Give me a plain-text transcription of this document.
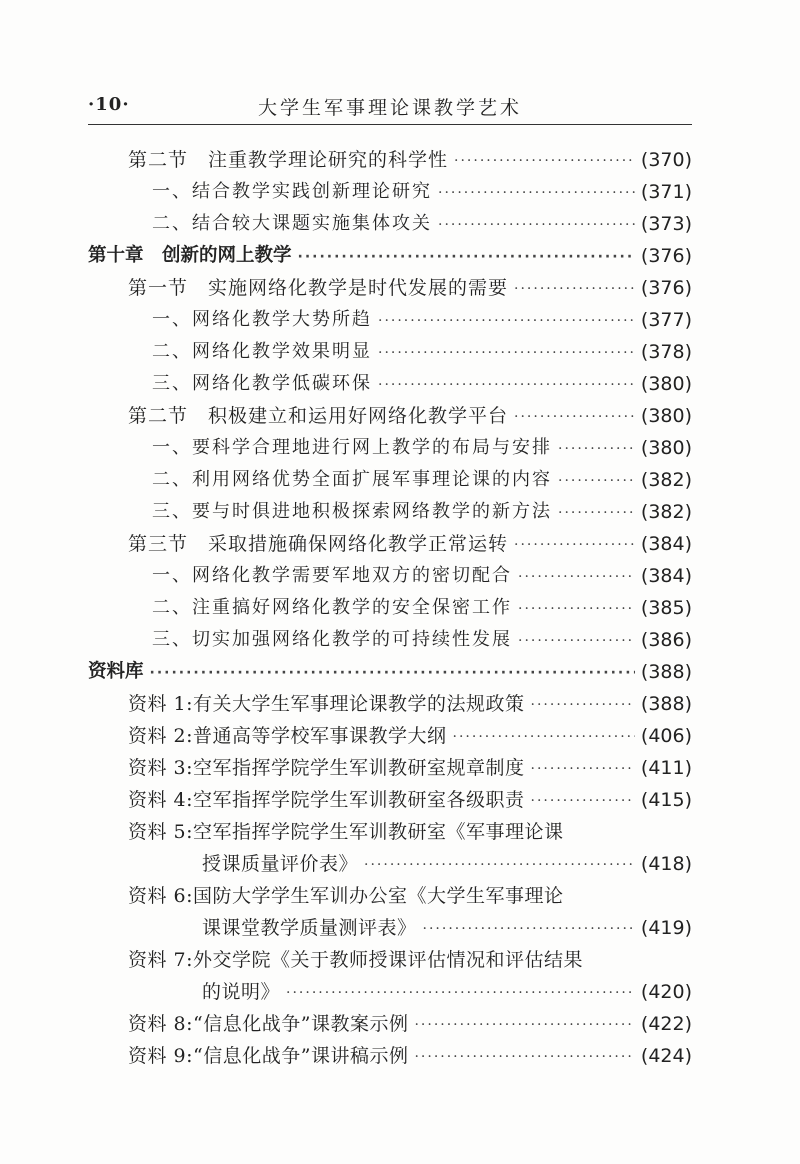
·10·	大学生军事理论课教学艺术
第二节　注重教学理论研究的科学性 ·····	(370)
一、结合教学实践创新理论研究 ·····	(371)
二、结合较大课题实施集体攻关 ·····	(373)
第十章　创新的网上教学 ·····	(376)
第一节　实施网络化教学是时代发展的需要 ·····	(376)
一、网络化教学大势所趋 ·····	(377)
二、网络化教学效果明显 ·····	(378)
三、网络化教学低碳环保 ·····	(380)
第二节　积极建立和运用好网络化教学平台 ·····	(380)
一、要科学合理地进行网上教学的布局与安排 ·····	(380)
二、利用网络优势全面扩展军事理论课的内容 ·····	(382)
三、要与时俱进地积极探索网络教学的新方法 ·····	(382)
第三节　采取措施确保网络化教学正常运转 ·····	(384)
一、网络化教学需要军地双方的密切配合 ·····	(384)
二、注重搞好网络化教学的安全保密工作 ·····	(385)
三、切实加强网络化教学的可持续性发展 ·····	(386)
资料库 ·····	(388)
资料 1:有关大学生军事理论课教学的法规政策 ·····	(388)
资料 2:普通高等学校军事课教学大纲 ·····	(406)
资料 3:空军指挥学院学生军训教研室规章制度 ·····	(411)
资料 4:空军指挥学院学生军训教研室各级职责 ·····	(415)
资料 5:空军指挥学院学生军训教研室《军事理论课
授课质量评价表》 ·····	(418)
资料 6:国防大学学生军训办公室《大学生军事理论
课课堂教学质量测评表》 ·····	(419)
资料 7:外交学院《关于教师授课评估情况和评估结果
的说明》 ·····	(420)
资料 8:“信息化战争”课教案示例 ·····	(422)
资料 9:“信息化战争”课讲稿示例 ·····	(424)
